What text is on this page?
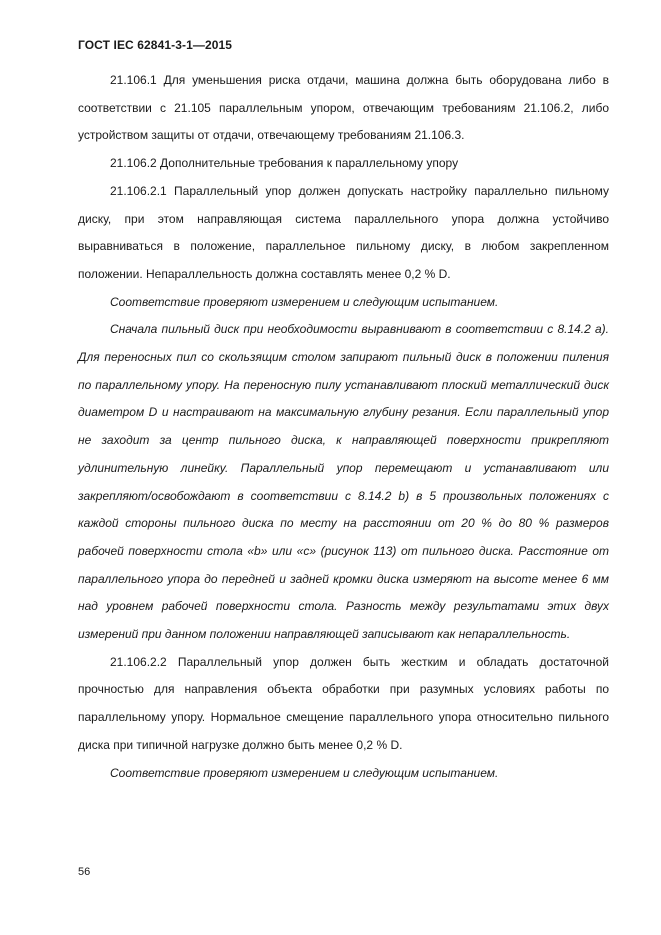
ГОСТ IEC 62841-3-1—2015

21.106.1 Для уменьшения риска отдачи, машина должна быть оборудована либо в соответствии с 21.105 параллельным упором, отвечающим требованиям 21.106.2, либо устройством защиты от отдачи, отвечающему требованиям 21.106.3.

21.106.2 Дополнительные требования к параллельному упору

21.106.2.1 Параллельный упор должен допускать настройку параллельно пильному диску, при этом направляющая система параллельного упора должна устойчиво выравниваться в положение, параллельное пильному диску, в любом закрепленном положении. Непараллельность должна составлять менее 0,2 % D.

Соответствие проверяют измерением и следующим испытанием.

Сначала пильный диск при необходимости выравнивают в соответствии с 8.14.2 a). Для переносных пил со скользящим столом запирают пильный диск в положении пиления по параллельному упору. На переносную пилу устанавливают плоский металлический диск диаметром D и настраивают на максимальную глубину резания. Если параллельный упор не заходит за центр пильного диска, к направляющей поверхности прикрепляют удлинительную линейку. Параллельный упор перемещают и устанавливают или закрепляют/освобождают в соответствии с 8.14.2 b) в 5 произвольных положениях с каждой стороны пильного диска по месту на расстоянии от 20 % до 80 % размеров рабочей поверхности стола «b» или «c» (рисунок 113) от пильного диска. Расстояние от параллельного упора до передней и задней кромки диска измеряют на высоте менее 6 мм над уровнем рабочей поверхности стола. Разность между результатами этих двух измерений при данном положении направляющей записывают как непараллельность.

21.106.2.2 Параллельный упор должен быть жестким и обладать достаточной прочностью для направления объекта обработки при разумных условиях работы по параллельному упору. Нормальное смещение параллельного упора относительно пильного диска при типичной нагрузке должно быть менее 0,2 % D.

Соответствие проверяют измерением и следующим испытанием.

56
